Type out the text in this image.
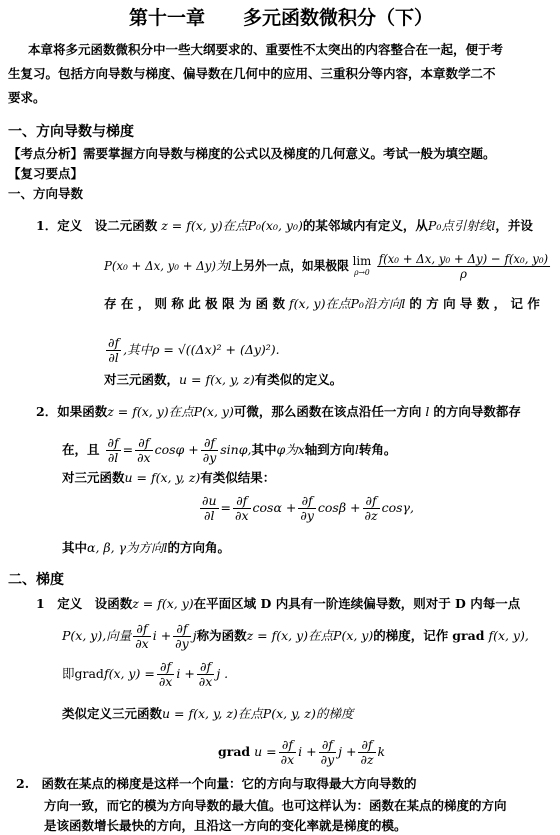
第十一章　　多元函数微积分（下）
本章将多元函数微积分中一些大纲要求的、重要性不太突出的内容整合在一起，便于考
生复习。包括方向导数与梯度、偏导数在几何中的应用、三重积分等内容，本章数学二不
要求。
一、方向导数与梯度
【考点分析】需要掌握方向导数与梯度的公式以及梯度的几何意义。考试一般为填空题。
【复习要点】
一、方向导数
1．定义　设二元函数 z = f(x, y)在点P₀(x₀, y₀)的某邻域内有定义，从P₀点引射线l，并设
P(x₀ + Δx, y₀ + Δy)为l上另外一点，如果极限 lim
$\rho\to 0 \frac{\text{f(x₀ + Δx, y₀ + Δy) − f(x₀, y₀)}}{\rho}$
存 在 ， 则 称 此 极 限 为 函 数 f(x, y)在点P₀沿方向l 的 方 向 导 数 ， 记 作
$\frac{\partial f}{\partial l}$ ,其中ρ = √((Δx)² + (Δy)²).
对三元函数，u = f(x, y, z)有类似的定义。
2．如果函数z = f(x, y)在点P(x, y)可微，那么函数在该点沿任一方向 l 的方向导数都存
在，且 $\frac{\partial f}{\partial l} = \frac{\partial f}{\partial x}$ $\cos\varphi + \frac{\partial f}{\partial y} \sin\varphi$,其中φ为x轴到方向l转角。
对三元函数u = f(x, y, z)有类似结果：
$\frac{\partial u}{\partial l} = \frac{\partial f}{\partial x}$ $\cos\alpha + \frac{\partial f}{\partial y}$ $\cos\beta + \frac{\partial f}{\partial z} \cos\gamma$,
其中α, β, γ为方向l的方向角。
二、梯度
1　定义　设函数z = f(x, y)在平面区域 D 内具有一阶连续偏导数，则对于 D 内每一点
P(x, y),向量 $\frac{\partial f}{\partial x}$ $i + \frac{\partial f}{\partial y}$ j称为函数z = f(x, y)在点P(x, y)的梯度，记作 grad f(x, y),
即gradf(x, $y) = \frac{\partial f}{\partial x}$ $i + \frac{\partial f}{\partial x}$ j .
类似定义三元函数u = f(x, y, z)在点P(x, y, z)的梯度
grad $u = \frac{\partial f}{\partial x}$ $i + \frac{\partial f}{\partial y}$ $j + \frac{\partial f}{\partial z}$ k
2.　函数在某点的梯度是这样一个向量：它的方向与取得最大方向导数的
方向一致，而它的模为方向导数的最大值。也可这样认为：函数在某点的梯度的方向
是该函数增长最快的方向，且沿这一方向的变化率就是梯度的模。
